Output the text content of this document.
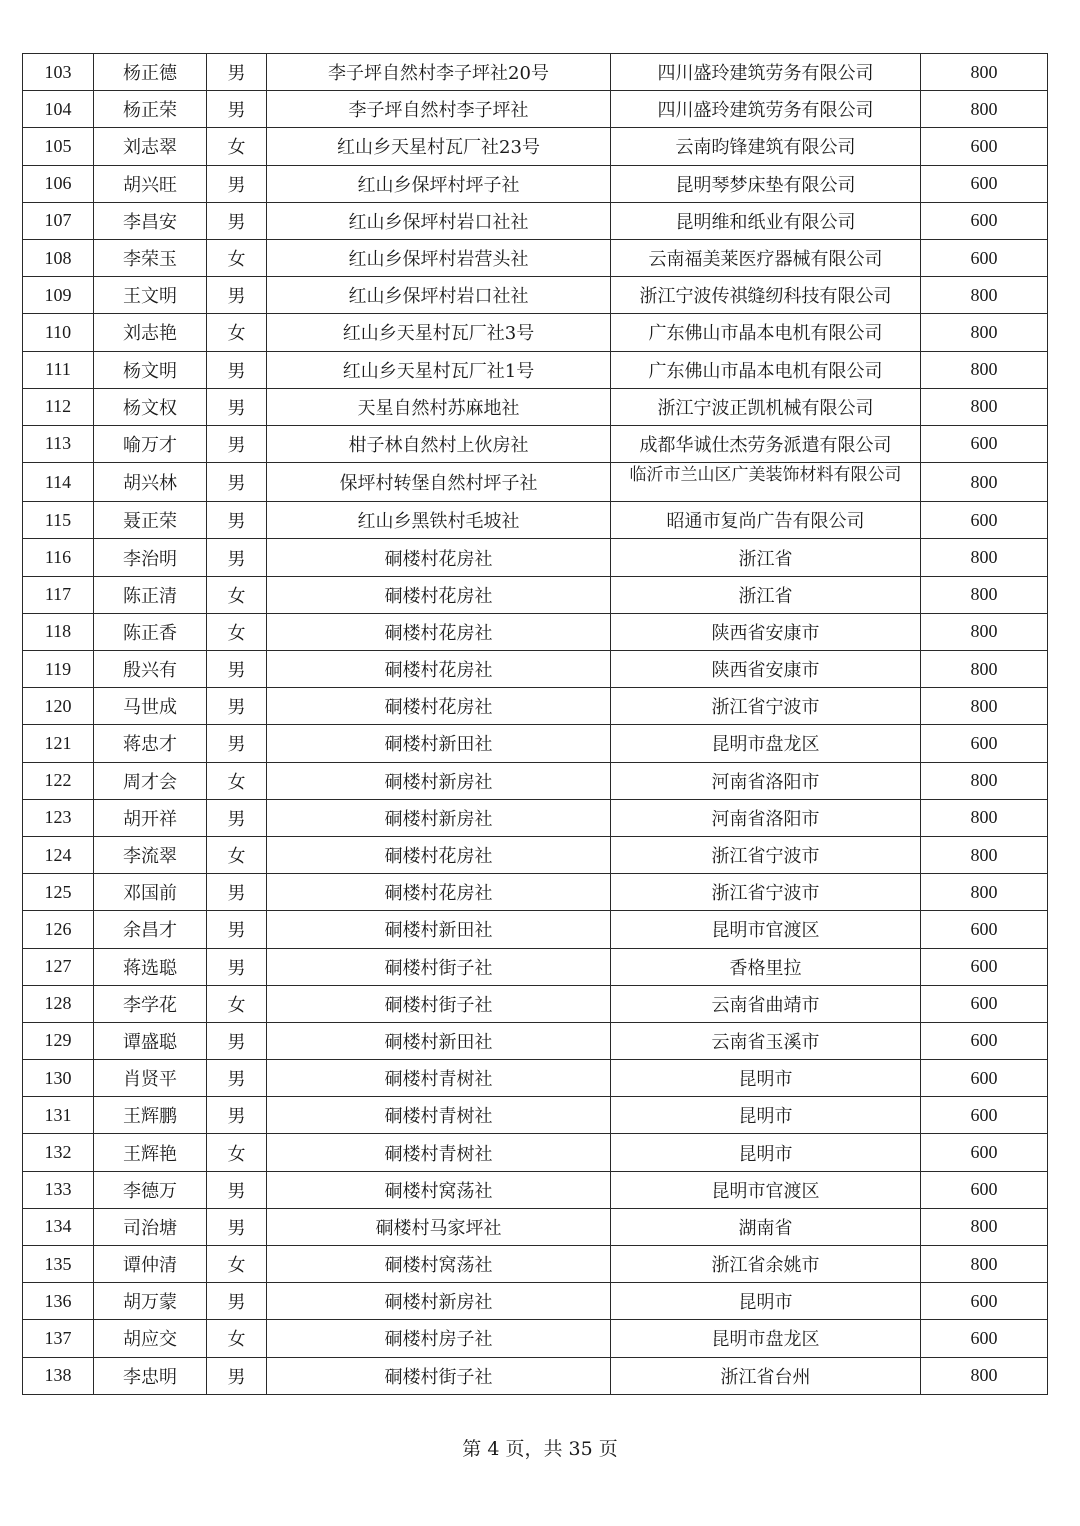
103	杨正德	男	李子坪自然村李子坪社20号	四川盛玲建筑劳务有限公司	800
104	杨正荣	男	李子坪自然村李子坪社	四川盛玲建筑劳务有限公司	800
105	刘志翠	女	红山乡天星村瓦厂社23号	云南昀锋建筑有限公司	600
106	胡兴旺	男	红山乡保坪村坪子社	昆明琴梦床垫有限公司	600
107	李昌安	男	红山乡保坪村岩口社社	昆明维和纸业有限公司	600
108	李荣玉	女	红山乡保坪村岩营头社	云南福美莱医疗器械有限公司	600
109	王文明	男	红山乡保坪村岩口社社	浙江宁波传祺缝纫科技有限公司	800
110	刘志艳	女	红山乡天星村瓦厂社3号	广东佛山市晶本电机有限公司	800
111	杨文明	男	红山乡天星村瓦厂社1号	广东佛山市晶本电机有限公司	800
112	杨文权	男	天星自然村苏麻地社	浙江宁波正凯机械有限公司	800
113	喻万才	男	柑子林自然村上伙房社	成都华诚仕杰劳务派遣有限公司	600
114	胡兴林	男	保坪村转堡自然村坪子社	临沂市兰山区广美装饰材料有限公司	800
115	聂正荣	男	红山乡黑铁村毛坡社	昭通市复尚广告有限公司	600
116	李治明	男	硐楼村花房社	浙江省	800
117	陈正清	女	硐楼村花房社	浙江省	800
118	陈正香	女	硐楼村花房社	陕西省安康市	800
119	殷兴有	男	硐楼村花房社	陕西省安康市	800
120	马世成	男	硐楼村花房社	浙江省宁波市	800
121	蒋忠才	男	硐楼村新田社	昆明市盘龙区	600
122	周才会	女	硐楼村新房社	河南省洛阳市	800
123	胡开祥	男	硐楼村新房社	河南省洛阳市	800
124	李流翠	女	硐楼村花房社	浙江省宁波市	800
125	邓国前	男	硐楼村花房社	浙江省宁波市	800
126	余昌才	男	硐楼村新田社	昆明市官渡区	600
127	蒋选聪	男	硐楼村街子社	香格里拉	600
128	李学花	女	硐楼村街子社	云南省曲靖市	600
129	谭盛聪	男	硐楼村新田社	云南省玉溪市	600
130	肖贤平	男	硐楼村青树社	昆明市	600
131	王辉鹏	男	硐楼村青树社	昆明市	600
132	王辉艳	女	硐楼村青树社	昆明市	600
133	李德万	男	硐楼村窝荡社	昆明市官渡区	600
134	司治塘	男	硐楼村马家坪社	湖南省	800
135	谭仲清	女	硐楼村窝荡社	浙江省余姚市	800
136	胡万蒙	男	硐楼村新房社	昆明市	600
137	胡应交	女	硐楼村房子社	昆明市盘龙区	600
138	李忠明	男	硐楼村街子社	浙江省台州	800
第 4 页，共 35 页
